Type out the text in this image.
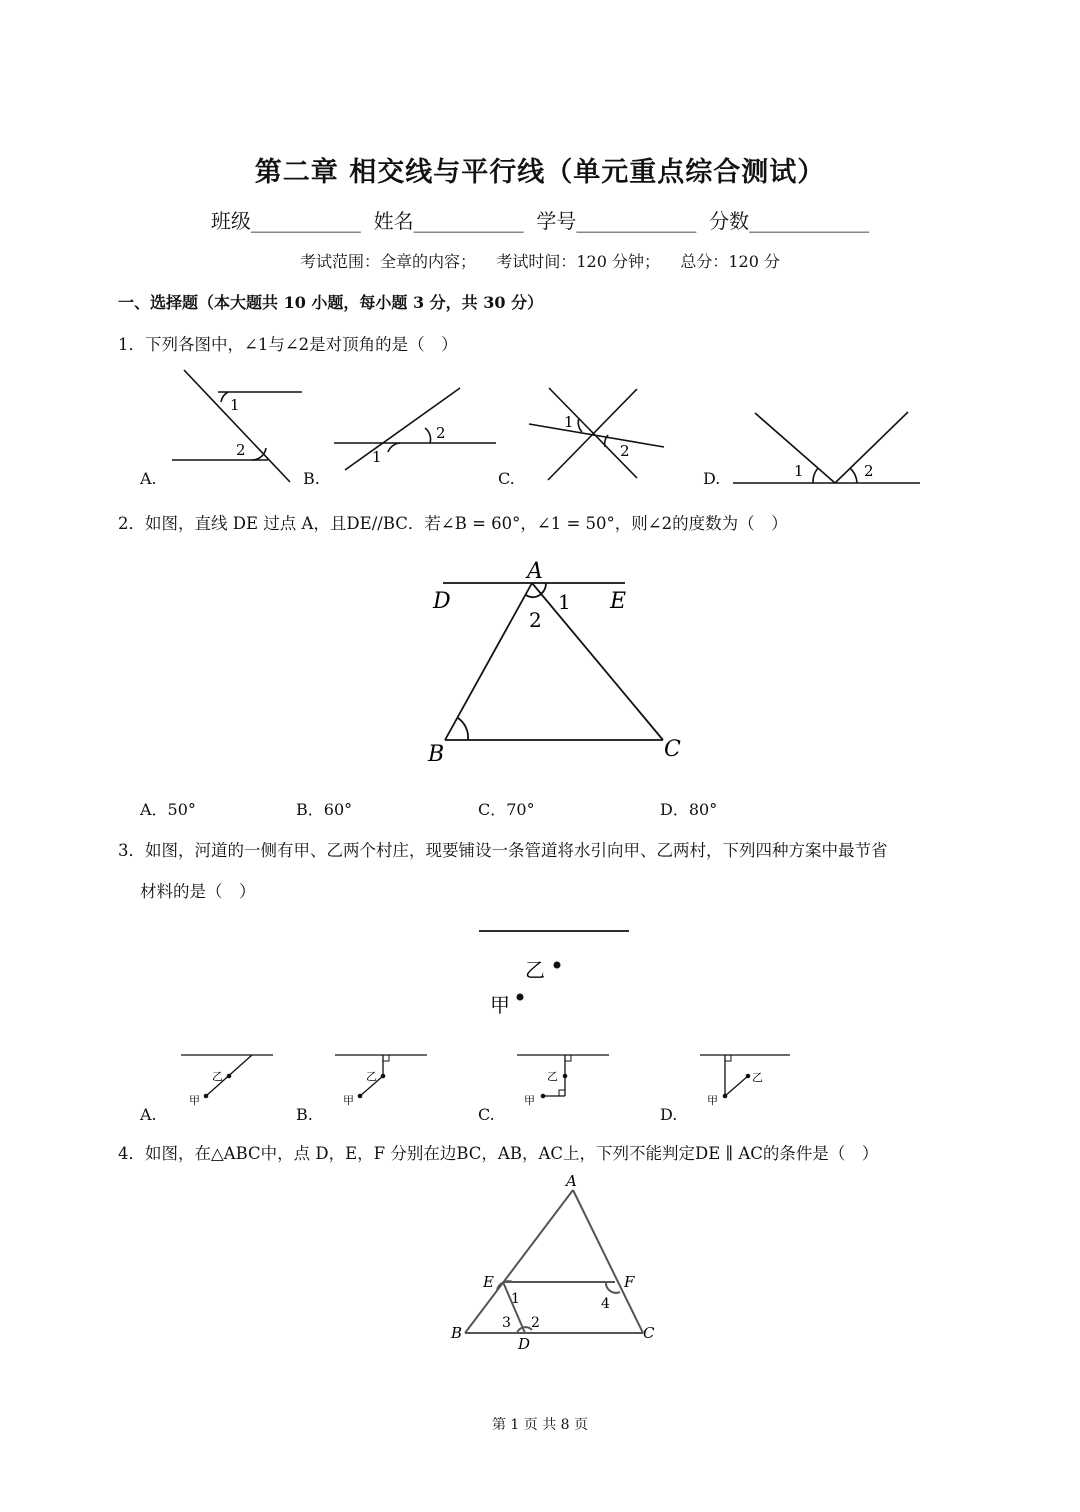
第二章 相交线与平行线（单元重点综合测试）
班级___________  姓名___________  学号____________  分数____________
考试范围：全章的内容；    考试时间：120 分钟；    总分：120 分
一、选择题（本大题共 10 小题，每小题 3 分，共 30 分）
1．下列各图中，∠1与∠2是对顶角的是（　）
1
2
A.
2
1
B.
1
2
C.	1	2
D.
2．如图，直线 DE 过点 A，且DE//BC．若∠B = 60°，∠1 = 50°，则∠2的度数为（　）
A
D	E
B	C
1
2
A．50°	B．60°	C．70°	D．80°
3．如图，河道的一侧有甲、乙两个村庄，现要铺设一条管道将水引向甲、乙两村，下列四种方案中最节省
材料的是（　）
乙
甲
乙
甲
A.
乙
甲
B.
乙
甲
C.
乙
甲
D.
4．如图，在△ABC中，点 D，E，F 分别在边BC，AB，AC上，下列不能判定DE ∥ AC的条件是（　）
A
E	F
B	C
D
1
2
3
4
第 1 页 共 8 页
